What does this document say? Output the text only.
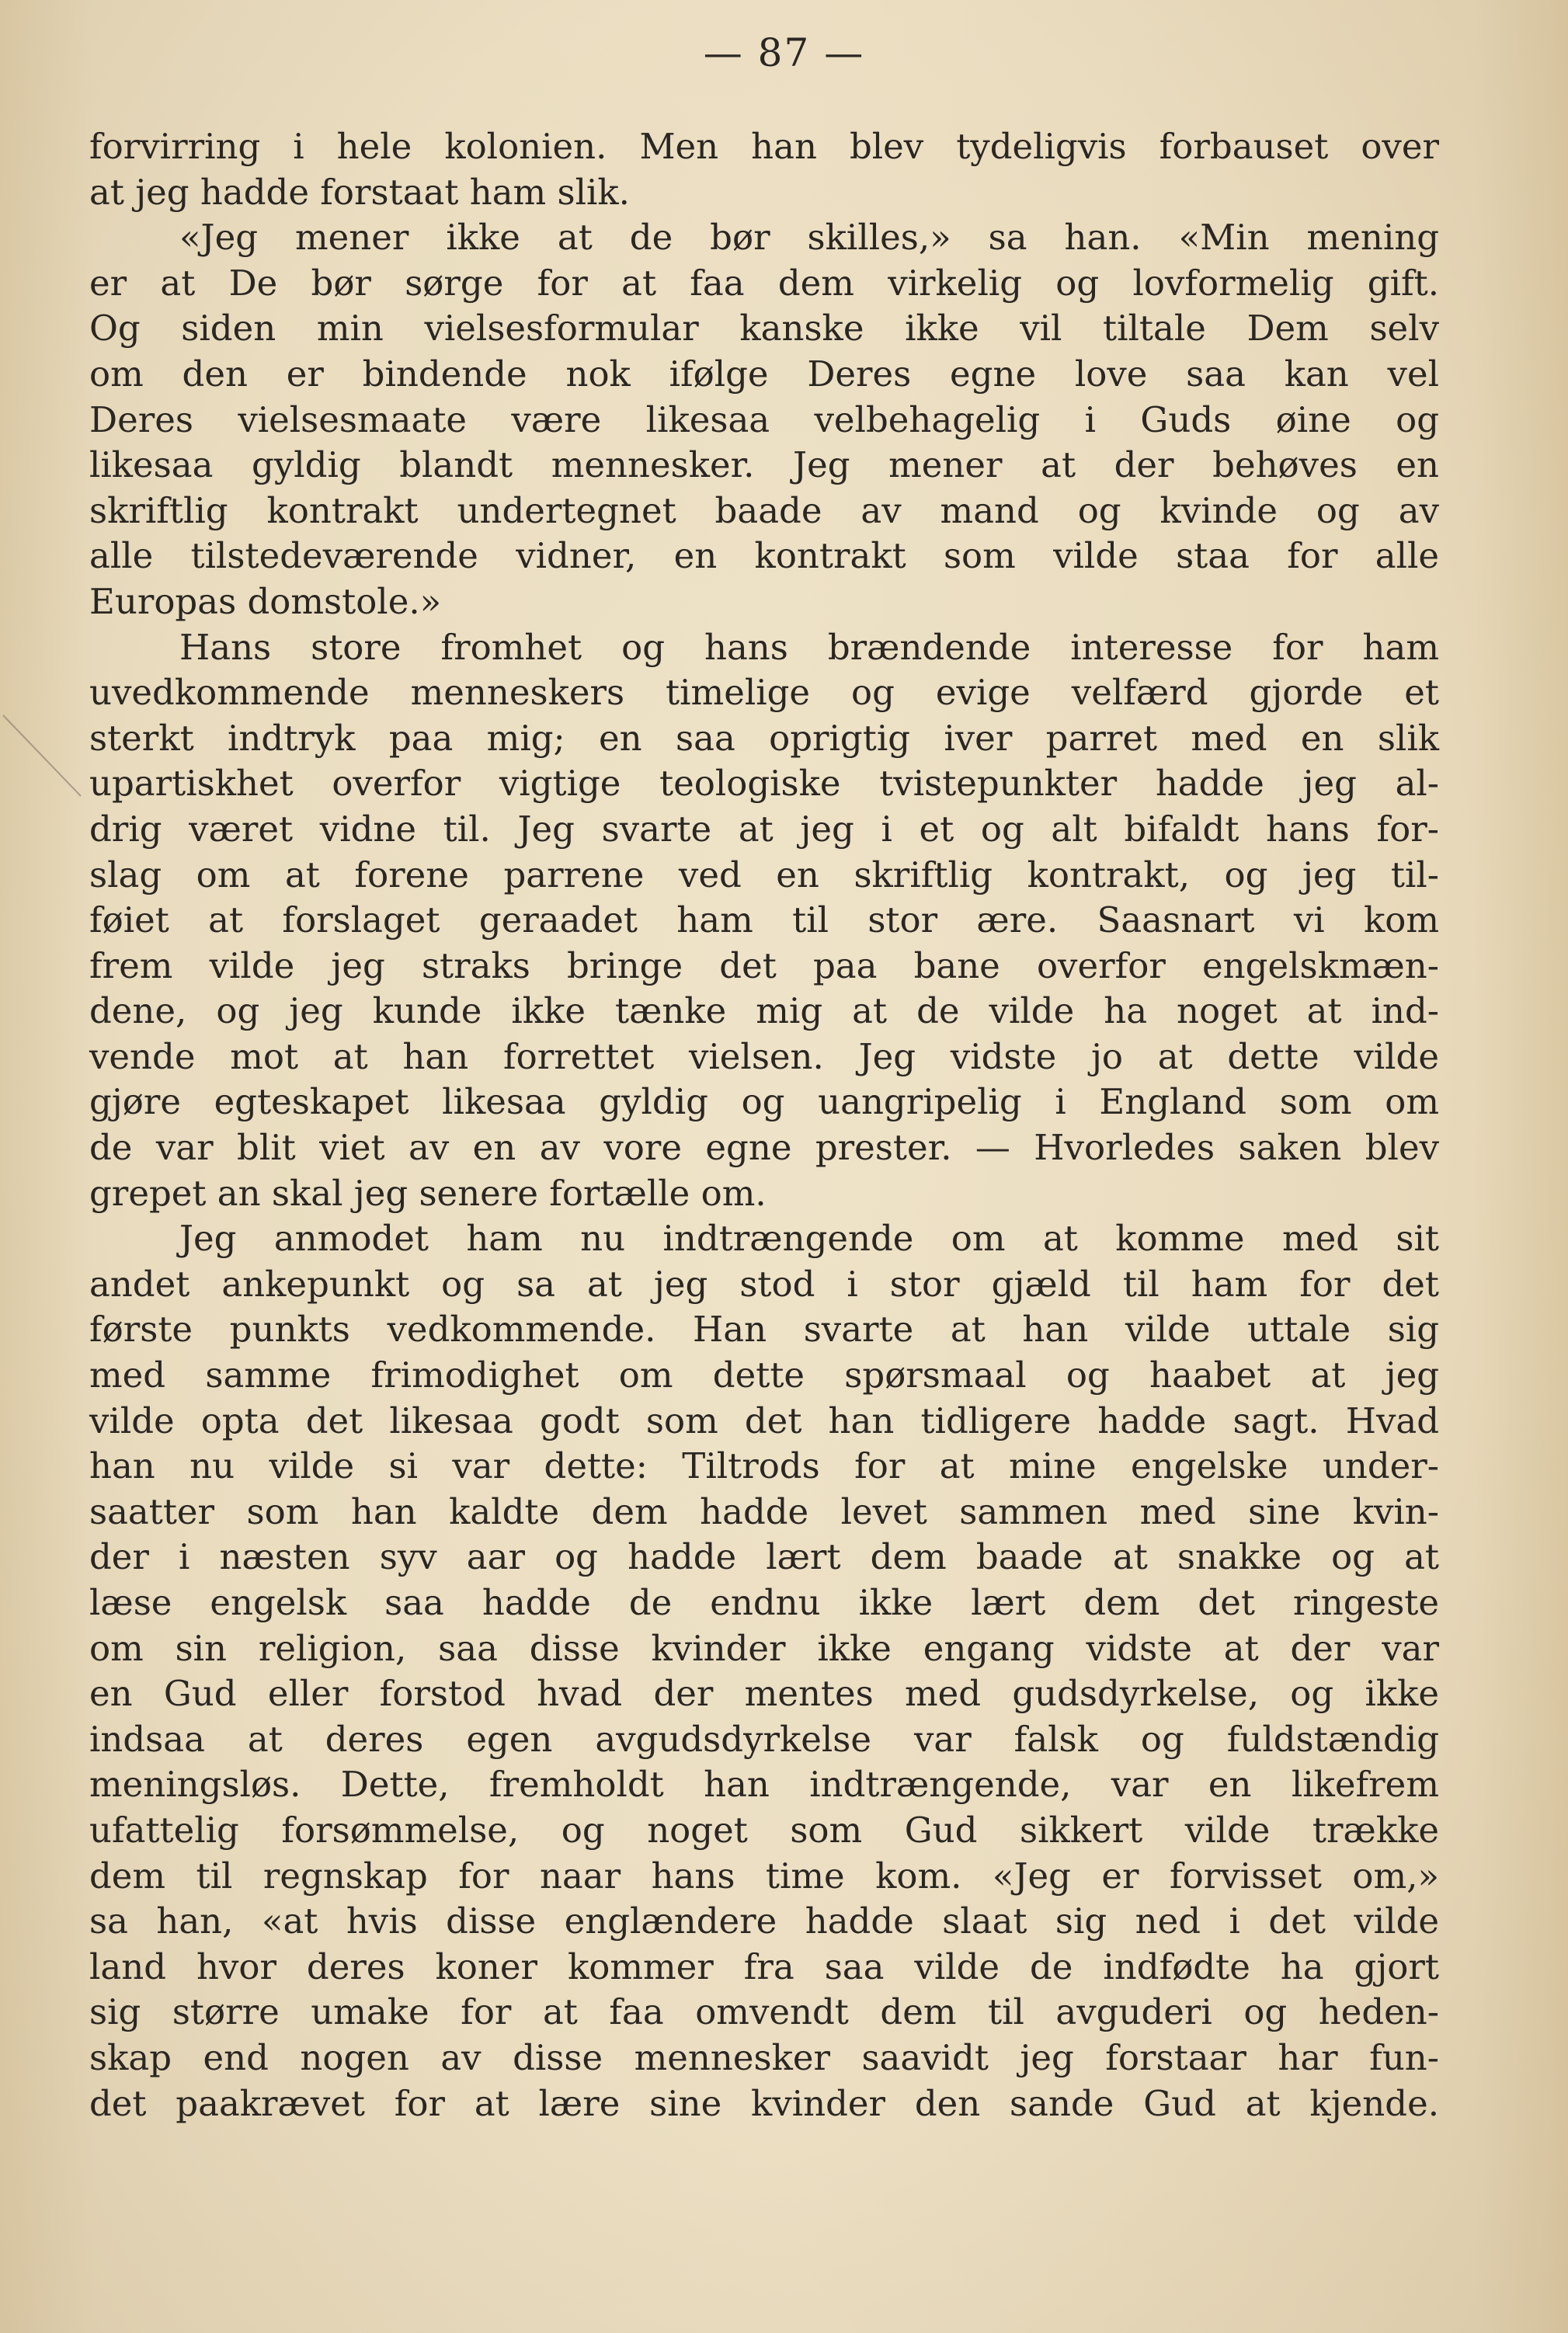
— 87 —
forvirring i hele kolonien. Men han blev tydeligvis forbauset over
at jeg hadde forstaat ham slik.
«Jeg mener ikke at de bør skilles,» sa han. «Min mening
er at De bør sørge for at faa dem virkelig og lovformelig gift.
Og siden min vielsesformular kanske ikke vil tiltale Dem selv
om den er bindende nok ifølge Deres egne love saa kan vel
Deres vielsesmaate være likesaa velbehagelig i Guds øine og
likesaa gyldig blandt mennesker. Jeg mener at der behøves en
skriftlig kontrakt undertegnet baade av mand og kvinde og av
alle tilstedeværende vidner, en kontrakt som vilde staa for alle
Europas domstole.»
Hans store fromhet og hans brændende interesse for ham
uvedkommende menneskers timelige og evige velfærd gjorde et
sterkt indtryk paa mig; en saa oprigtig iver parret med en slik
upartiskhet overfor vigtige teologiske tvistepunkter hadde jeg al-
drig været vidne til. Jeg svarte at jeg i et og alt bifaldt hans for-
slag om at forene parrene ved en skriftlig kontrakt, og jeg til-
føiet at forslaget geraadet ham til stor ære. Saasnart vi kom
frem vilde jeg straks bringe det paa bane overfor engelskmæn-
dene, og jeg kunde ikke tænke mig at de vilde ha noget at ind-
vende mot at han forrettet vielsen. Jeg vidste jo at dette vilde
gjøre egteskapet likesaa gyldig og uangripelig i England som om
de var blit viet av en av vore egne prester. — Hvorledes saken blev
grepet an skal jeg senere fortælle om.
Jeg anmodet ham nu indtrængende om at komme med sit
andet ankepunkt og sa at jeg stod i stor gjæld til ham for det
første punkts vedkommende. Han svarte at han vilde uttale sig
med samme frimodighet om dette spørsmaal og haabet at jeg
vilde opta det likesaa godt som det han tidligere hadde sagt. Hvad
han nu vilde si var dette: Tiltrods for at mine engelske under-
saatter som han kaldte dem hadde levet sammen med sine kvin-
der i næsten syv aar og hadde lært dem baade at snakke og at
læse engelsk saa hadde de endnu ikke lært dem det ringeste
om sin religion, saa disse kvinder ikke engang vidste at der var
en Gud eller forstod hvad der mentes med gudsdyrkelse, og ikke
indsaa at deres egen avgudsdyrkelse var falsk og fuldstændig
meningsløs. Dette, fremholdt han indtrængende, var en likefrem
ufattelig forsømmelse, og noget som Gud sikkert vilde trække
dem til regnskap for naar hans time kom. «Jeg er forvisset om,»
sa han, «at hvis disse englændere hadde slaat sig ned i det vilde
land hvor deres koner kommer fra saa vilde de indfødte ha gjort
sig større umake for at faa omvendt dem til avguderi og heden-
skap end nogen av disse mennesker saavidt jeg forstaar har fun-
det paakrævet for at lære sine kvinder den sande Gud at kjende.
